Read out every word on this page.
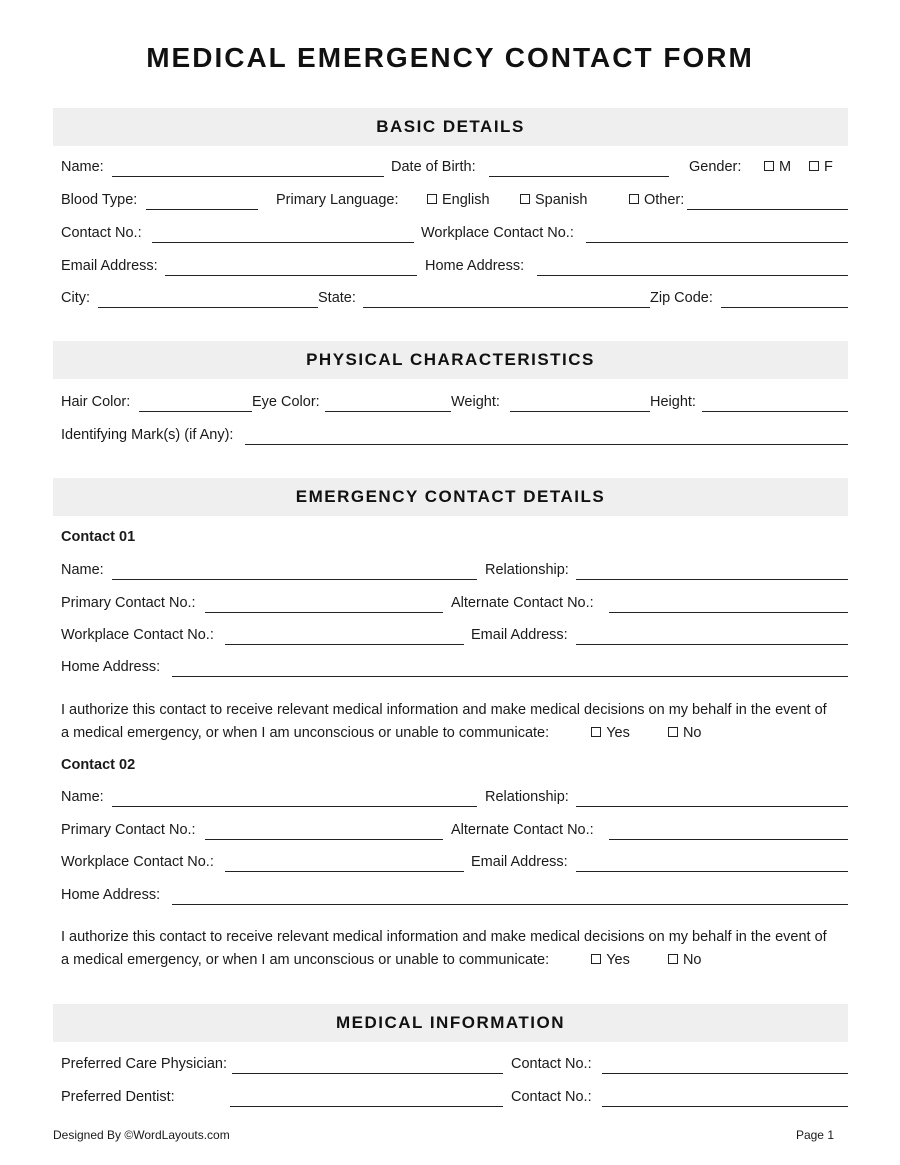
MEDICAL EMERGENCY CONTACT FORM
BASIC DETAILS
Name:	Date of Birth:	Gender:	M	F
Blood Type:	Primary Language:	English	Spanish	Other:
Contact No.:	Workplace Contact No.:
Email Address:	Home Address:
City:	State:	Zip Code:
PHYSICAL CHARACTERISTICS
Hair Color:	Eye Color:	Weight:	Height:
Identifying Mark(s) (if Any):
EMERGENCY CONTACT DETAILS
Contact 01
Name:	Relationship:
Primary Contact No.:	Alternate Contact No.:
Workplace Contact No.:	Email Address:
Home Address:
I authorize this contact to receive relevant medical information and make medical decisions on my behalf in the event of
a medical emergency, or when I am unconscious or unable to communicate:	Yes	No
Contact 02
Name:	Relationship:
Primary Contact No.:	Alternate Contact No.:
Workplace Contact No.:	Email Address:
Home Address:
I authorize this contact to receive relevant medical information and make medical decisions on my behalf in the event of
a medical emergency, or when I am unconscious or unable to communicate:	Yes	No
MEDICAL INFORMATION
Preferred Care Physician:	Contact No.:
Preferred Dentist:	Contact No.:
Designed By ©WordLayouts.com	Page 1
